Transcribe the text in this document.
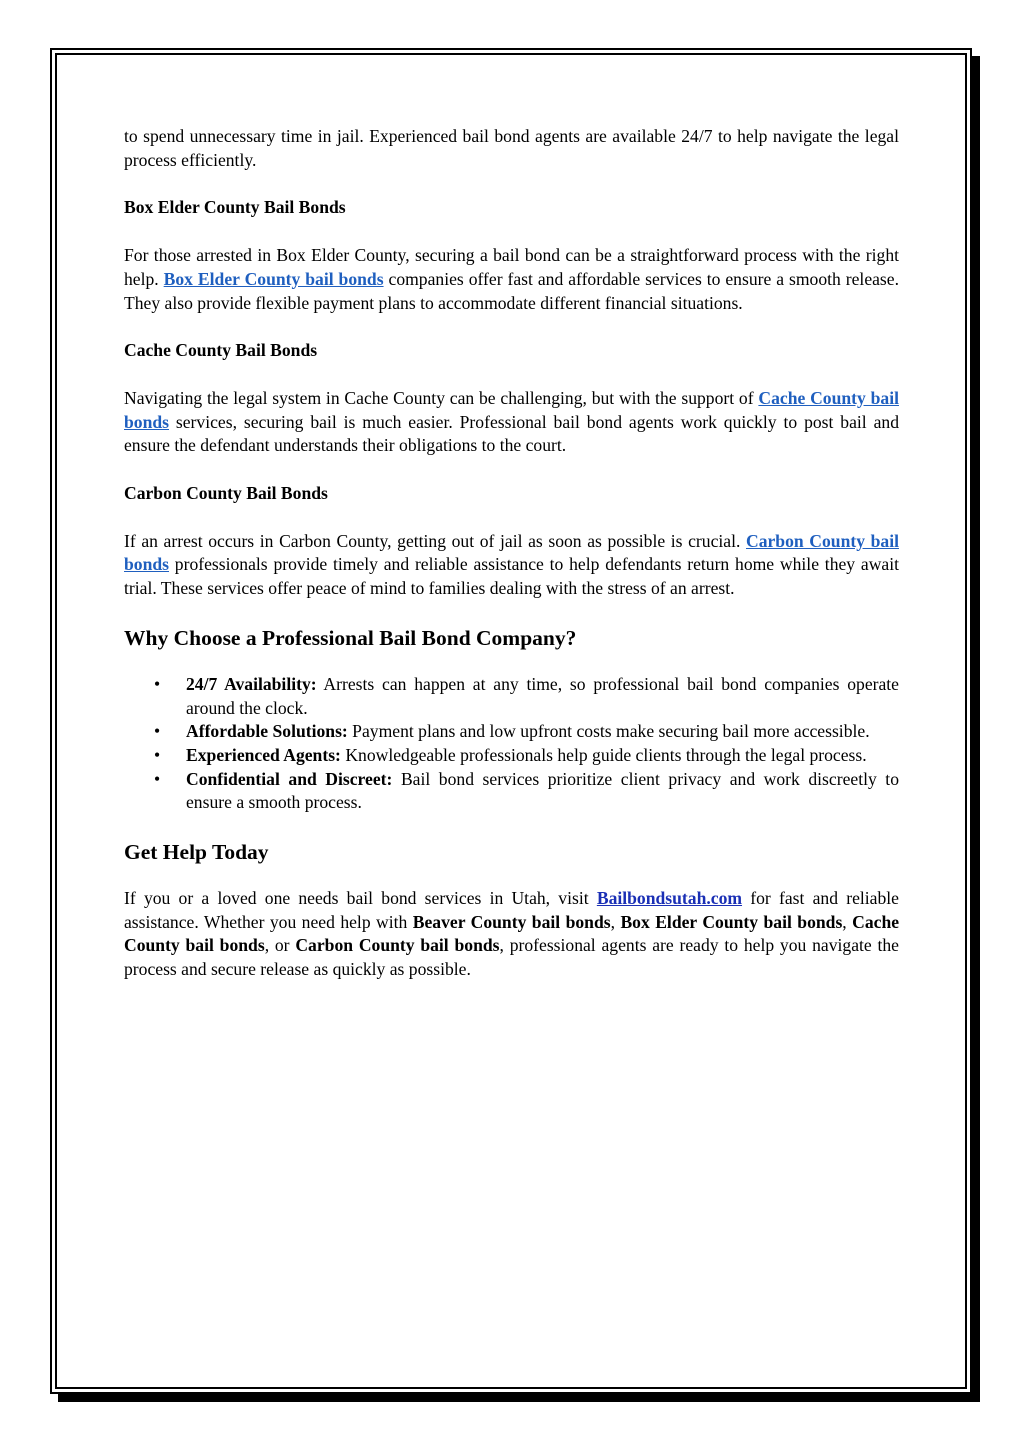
to spend unnecessary time in jail. Experienced bail bond agents are available 24/7 to help navigate the legal process efficiently.

Box Elder County Bail Bonds

For those arrested in Box Elder County, securing a bail bond can be a straightforward process with the right help. Box Elder County bail bonds companies offer fast and affordable services to ensure a smooth release. They also provide flexible payment plans to accommodate different financial situations.

Cache County Bail Bonds

Navigating the legal system in Cache County can be challenging, but with the support of Cache County bail bonds services, securing bail is much easier. Professional bail bond agents work quickly to post bail and ensure the defendant understands their obligations to the court.

Carbon County Bail Bonds

If an arrest occurs in Carbon County, getting out of jail as soon as possible is crucial. Carbon County bail bonds professionals provide timely and reliable assistance to help defendants return home while they await trial. These services offer peace of mind to families dealing with the stress of an arrest.

Why Choose a Professional Bail Bond Company?

• 24/7 Availability: Arrests can happen at any time, so professional bail bond companies operate around the clock.
• Affordable Solutions: Payment plans and low upfront costs make securing bail more accessible.
• Experienced Agents: Knowledgeable professionals help guide clients through the legal process.
• Confidential and Discreet: Bail bond services prioritize client privacy and work discreetly to ensure a smooth process.

Get Help Today

If you or a loved one needs bail bond services in Utah, visit Bailbondsutah.com for fast and reliable assistance. Whether you need help with Beaver County bail bonds, Box Elder County bail bonds, Cache County bail bonds, or Carbon County bail bonds, professional agents are ready to help you navigate the process and secure release as quickly as possible.
